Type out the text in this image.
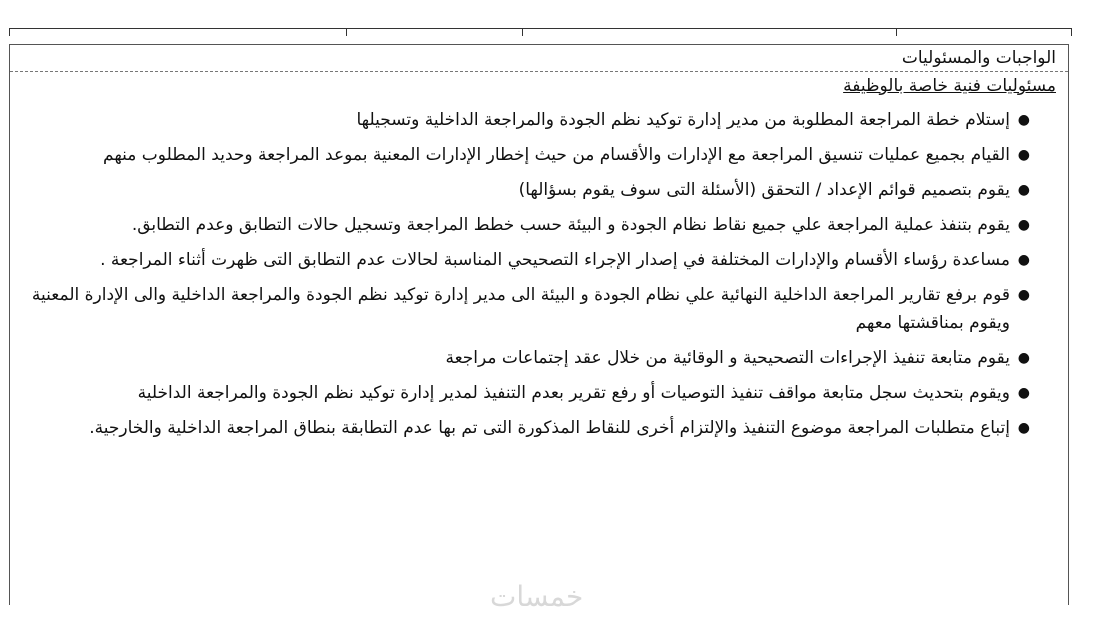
الواجبات والمسئوليات
مسئوليات فنية خاصة بالوظيفة
●
إستلام خطة المراجعة المطلوبة من مدير إدارة توكيد نظم الجودة والمراجعة الداخلية وتسجيلها
●
القيام بجميع عمليات تنسيق المراجعة مع الإدارات والأقسام من حيث إخطار الإدارات المعنية بموعد المراجعة وحديد المطلوب منهم
●
يقوم بتصميم قوائم الإعداد / التحقق (الأسئلة التى سوف يقوم بسؤالها)
●
يقوم بتنفذ عملية المراجعة علي جميع نقاط نظام الجودة و البيئة حسب خطط المراجعة وتسجيل حالات التطابق وعدم التطابق.
●
مساعدة رؤساء الأقسام والإدارات المختلفة في إصدار الإجراء التصحيحي المناسبة لحالات عدم التطابق التى ظهرت أثناء المراجعة .
●
قوم برفع تقارير المراجعة الداخلية النهائية علي نظام الجودة و البيئة الى مدير إدارة توكيد نظم الجودة والمراجعة الداخلية والى الإدارة المعنية ويقوم بمناقشتها معهم
●
يقوم متابعة تنفيذ الإجراءات التصحيحية و الوقائية من خلال عقد إجتماعات مراجعة
●
ويقوم بتحديث سجل متابعة مواقف تنفيذ التوصيات أو رفع تقرير بعدم التنفيذ لمدير إدارة توكيد نظم الجودة والمراجعة الداخلية
●
إتباع متطلبات المراجعة موضوع التنفيذ والإلتزام أخرى للنقاط المذكورة التى تم بها عدم التطابقة بنطاق المراجعة الداخلية والخارجية.
خمسات
